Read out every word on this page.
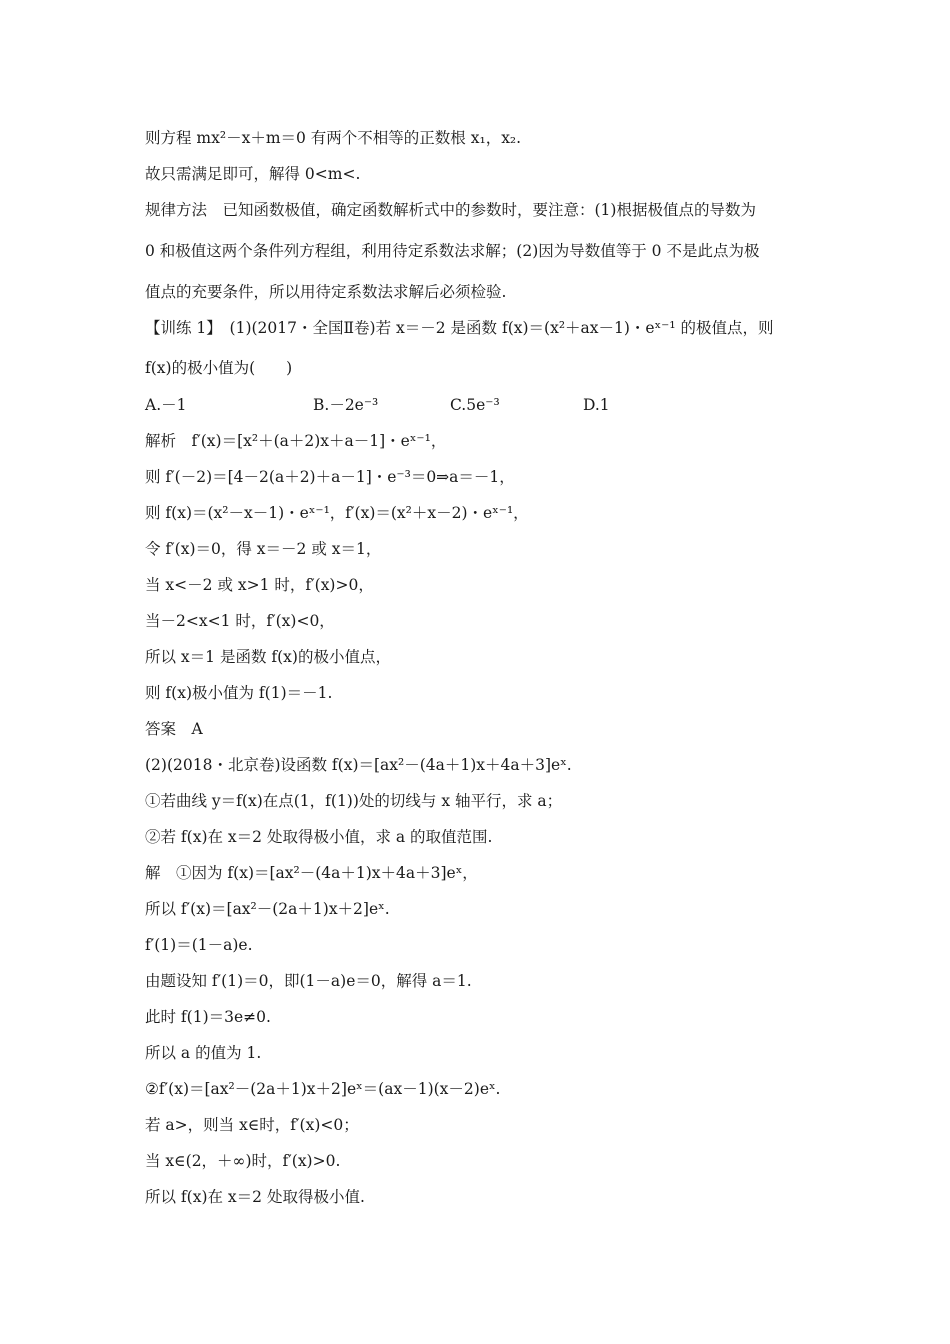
则方程 mx²－x＋m＝0 有两个不相等的正数根 x₁，x₂.
故只需满足即可，解得 0<m<.
规律方法　已知函数极值，确定函数解析式中的参数时，要注意：(1)根据极值点的导数为
0 和极值这两个条件列方程组，利用待定系数法求解；(2)因为导数值等于 0 不是此点为极
值点的充要条件，所以用待定系数法求解后必须检验.
【训练 1】　(1)(2017・全国Ⅱ卷)若 x＝－2 是函数 f(x)＝(x²＋ax－1)・eˣ⁻¹ 的极值点，则
f(x)的极小值为(　　)
A.－1	B.－2e⁻³	C.5e⁻³	D.1
解析　f′(x)＝[x²＋(a＋2)x＋a－1]・eˣ⁻¹，
则 f′(－2)＝[4－2(a＋2)＋a－1]・e⁻³＝0⇒a＝－1，
则 f(x)＝(x²－x－1)・eˣ⁻¹，f′(x)＝(x²＋x－2)・eˣ⁻¹，
令 f′(x)＝0，得 x＝－2 或 x＝1，
当 x<－2 或 x>1 时，f′(x)>0，
当－2<x<1 时，f′(x)<0，
所以 x＝1 是函数 f(x)的极小值点，
则 f(x)极小值为 f(1)＝－1.
答案　A
(2)(2018・北京卷)设函数 f(x)＝[ax²－(4a＋1)x＋4a＋3]eˣ.
①若曲线 y＝f(x)在点(1，f(1))处的切线与 x 轴平行，求 a；
②若 f(x)在 x＝2 处取得极小值，求 a 的取值范围.
解　①因为 f(x)＝[ax²－(4a＋1)x＋4a＋3]eˣ，
所以 f′(x)＝[ax²－(2a＋1)x＋2]eˣ.
f′(1)＝(1－a)e.
由题设知 f′(1)＝0，即(1－a)e＝0，解得 a＝1.
此时 f(1)＝3e≠0.
所以 a 的值为 1.
②f′(x)＝[ax²－(2a＋1)x＋2]eˣ＝(ax－1)(x－2)eˣ.
若 a>，则当 x∈时，f′(x)<0；
当 x∈(2，＋∞)时，f′(x)>0.
所以 f(x)在 x＝2 处取得极小值.
